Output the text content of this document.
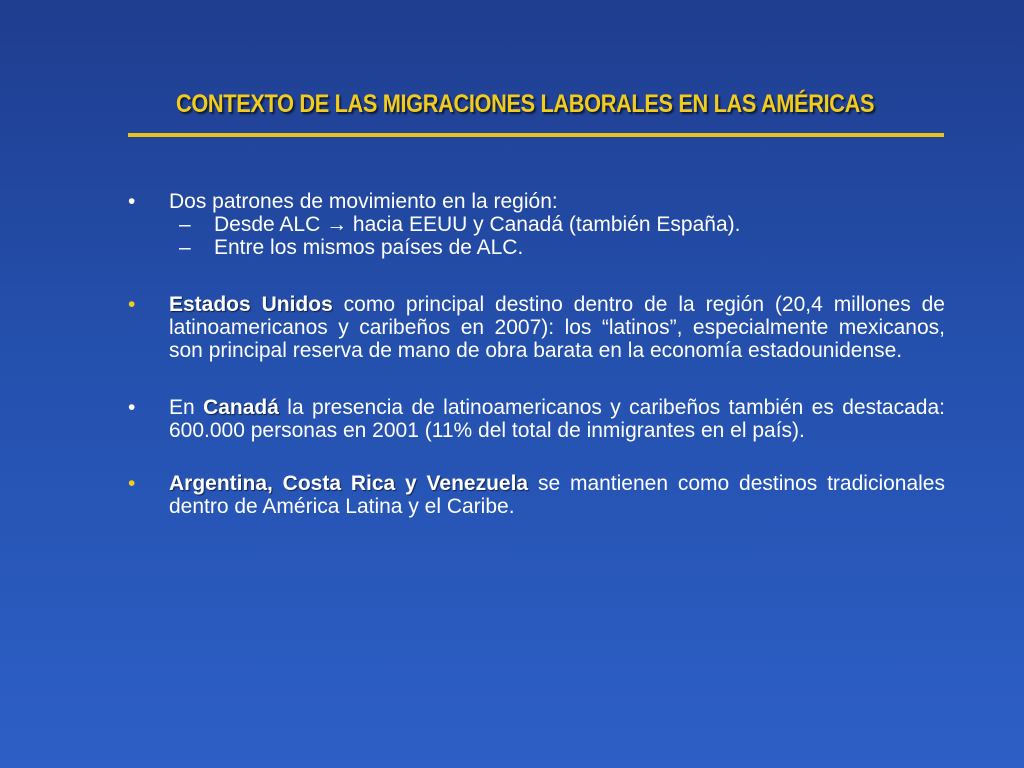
CONTEXTO DE LAS MIGRACIONES LABORALES EN LAS AMÉRICAS
• Dos patrones de movimiento en la región:
– Desde ALC → hacia EEUU y Canadá (también España).
– Entre los mismos países de ALC.
• Estados Unidos como principal destino dentro de la región (20,4 millones de latinoamericanos y caribeños en 2007): los “latinos”, especialmente mexicanos, son principal reserva de mano de obra barata en la economía estadounidense.
• En Canadá la presencia de latinoamericanos y caribeños también es destacada: 600.000 personas en 2001 (11% del total de inmigrantes en el país).
• Argentina, Costa Rica y Venezuela se mantienen como destinos tradicionales dentro de América Latina y el Caribe.
